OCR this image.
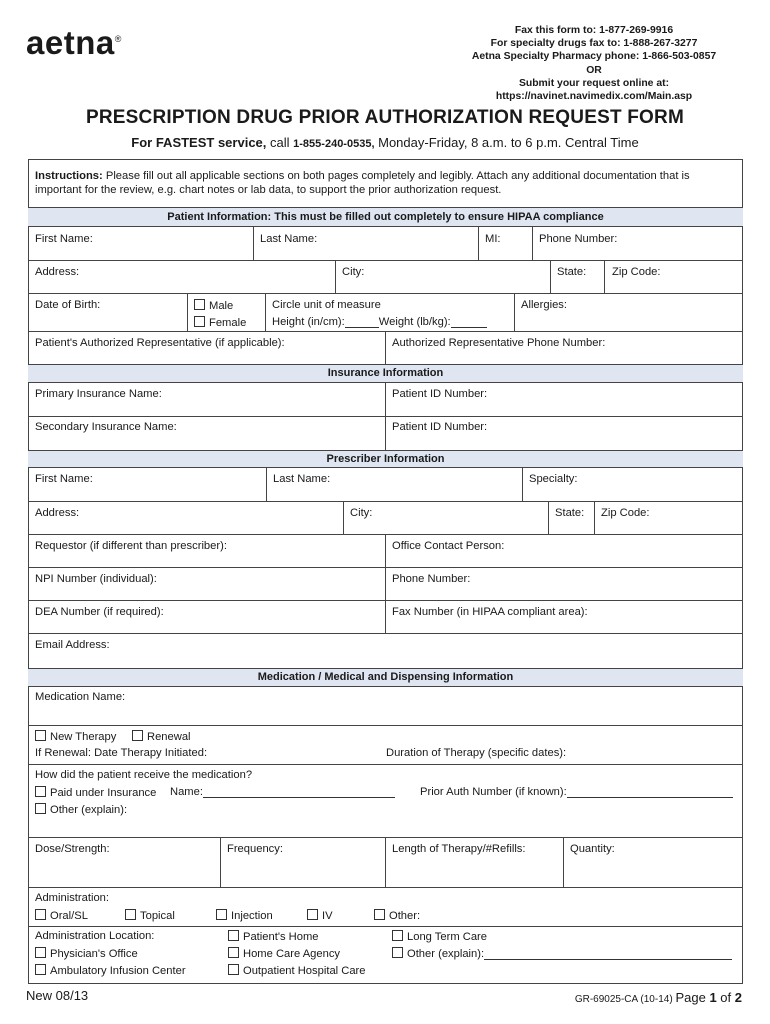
aetna®
Fax this form to: 1-877-269-9916
For specialty drugs fax to: 1-888-267-3277
Aetna Specialty Pharmacy phone: 1-866-503-0857
OR
Submit your request online at:
https://navinet.navimedix.com/Main.asp
PRESCRIPTION DRUG PRIOR AUTHORIZATION REQUEST FORM
For FASTEST service, call 1-855-240-0535, Monday-Friday, 8 a.m. to 6 p.m. Central Time
Instructions: Please fill out all applicable sections on both pages completely and legibly. Attach any additional documentation that is
important for the review, e.g. chart notes or lab data, to support the prior authorization request.
Patient Information: This must be filled out completely to ensure HIPAA compliance
First Name:	Last Name:	MI:	Phone Number:
Address:	City:	State: Zip Code:
Date of Birth:	Male
Female
Circle unit of measure
Height (in/cm):	Weight (lb/kg):
Allergies:
Patient's Authorized Representative (if applicable):	Authorized Representative Phone Number:
Insurance Information
Primary Insurance Name:	Patient ID Number:
Secondary Insurance Name:	Patient ID Number:
Prescriber Information
First Name:	Last Name:	Specialty:
Address:	City:	State: Zip Code:
Requestor (if different than prescriber):	Office Contact Person:
NPI Number (individual):	Phone Number:
DEA Number (if required):	Fax Number (in HIPAA compliant area):
Email Address:
Medication / Medical and Dispensing Information
Medication Name:
New Therapy	Renewal
If Renewal: Date Therapy Initiated:	Duration of Therapy (specific dates):
How did the patient receive the medication?
Paid under Insurance Name:	Prior Auth Number (if known):
Other (explain):
Dose/Strength:	Frequency:	Length of Therapy/#Refills:	Quantity:
Administration:
Oral/SL	Topical	Injection	IV	Other:
Administration Location:
Physician's Office
Ambulatory Infusion Center
Patient's Home
Home Care Agency
Outpatient Hospital Care
Long Term Care
Other (explain):
New 08/13	GR-69025-CA (10-14) Page 1 of 2
